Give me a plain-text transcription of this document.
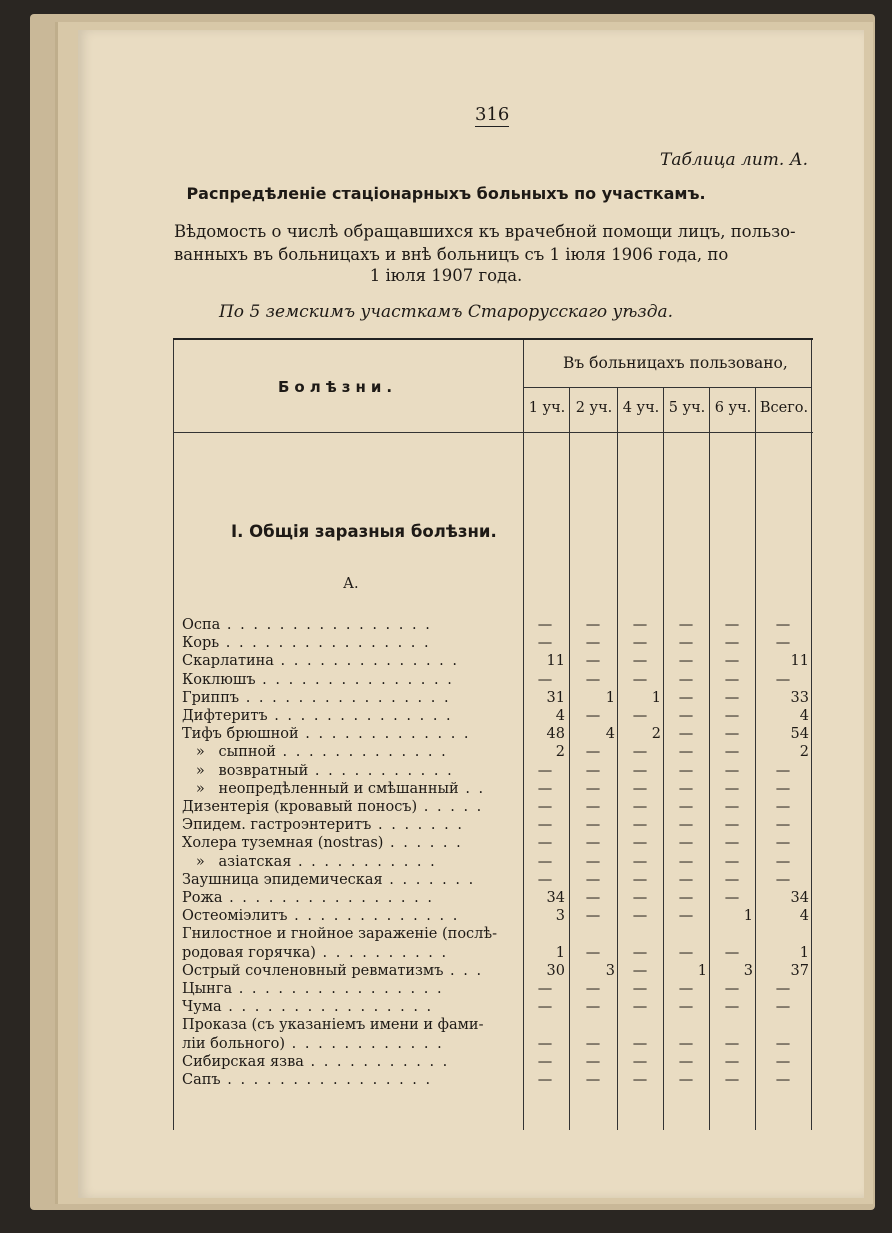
316
Таблица лит. А.
Распредѣленіе стаціонарныхъ больныхъ по участкамъ.
Вѣдомость о числѣ обращавшихся къ врачебной помощи лицъ, пользо-
ванныхъ въ больницахъ и внѣ больницъ съ 1 іюля 1906 года, по
1 іюля 1907 года.
По 5 земскимъ участкамъ Старорусскаго уѣзда.
Болѣзни.
Въ больницахъ пользовано,
1 уч. 2 уч. 4 уч. 5 уч. 6 уч. Всего.
I. Общія заразныя болѣзни.
А.
Оспа . . . . . . . . . . . . . . . .	—	—	—	—	—	—
Корь . . . . . . . . . . . . . . . .	—	—	—	—	—	—
Скарлатина . . . . . . . . . . . . . .	11	—	—	—	—	11
Коклюшъ . . . . . . . . . . . . . . .	—	—	—	—	—	—
Гриппъ . . . . . . . . . . . . . . . .	31	1	1	—	—	33
Дифтеритъ . . . . . . . . . . . . . .	4	—	—	—	—	4
Тифъ брюшной . . . . . . . . . . . . .	48	4	2	—	—	54
»   сыпной . . . . . . . . . . . . .	2	—	—	—	—	2
»   возвратный . . . . . . . . . . .	—	—	—	—	—	—
»   неопредѣленный и смѣшанный . .	—	—	—	—	—	—
Дизентерія (кровавый поносъ) . . . . .	—	—	—	—	—	—
Эпидем. гастроэнтеритъ . . . . . . .	—	—	—	—	—	—
Холера туземная (nostras) . . . . . .	—	—	—	—	—	—
»   азіатская . . . . . . . . . . .	—	—	—	—	—	—
Заушница эпидемическая . . . . . . .	—	—	—	—	—	—
Рожа . . . . . . . . . . . . . . . .	34	—	—	—	—	34
Остеоміэлитъ . . . . . . . . . . . . .	3	—	—	—	1	4
Гнилостное и гнойное зараженіе (послѣ-
родовая горячка) . . . . . . . . . .	1	—	—	—	—	1
Острый сочленовный ревматизмъ . . .	30	3	—	1	3	37
Цынга . . . . . . . . . . . . . . . .	—	—	—	—	—	—
Чума . . . . . . . . . . . . . . . .	—	—	—	—	—	—
Проказа (съ указаніемъ имени и фами-
ліи больного) . . . . . . . . . . . .	—	—	—	—	—	—
Сибирская язва . . . . . . . . . . .	—	—	—	—	—	—
Сапъ . . . . . . . . . . . . . . . .	—	—	—	—	—	—
